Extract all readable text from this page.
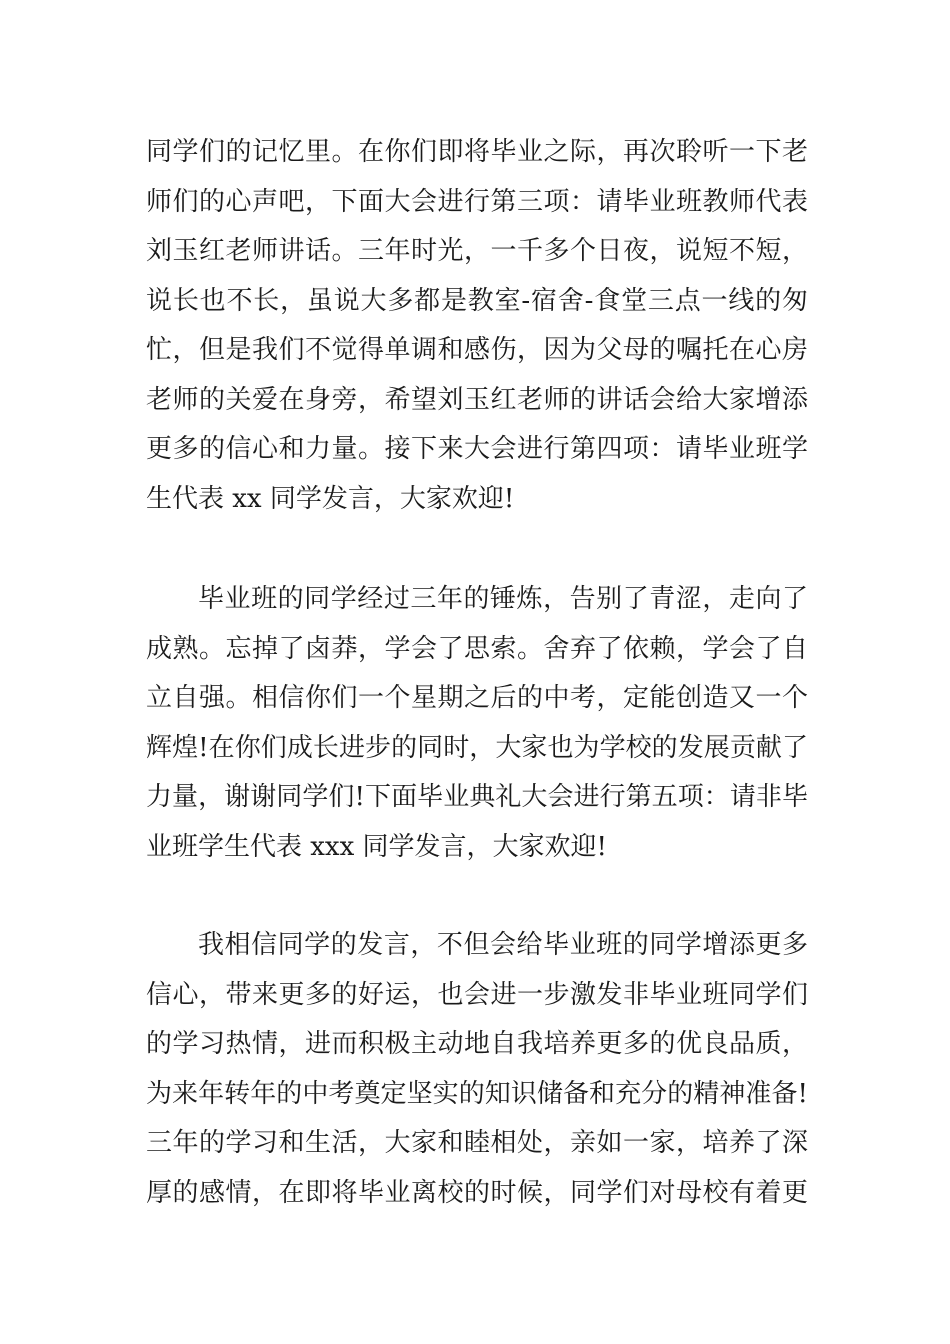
同学们的记忆里。在你们即将毕业之际，再次聆听一下老
师们的心声吧，下面大会进行第三项：请毕业班教师代表
刘玉红老师讲话。三年时光，一千多个日夜，说短不短，
说长也不长，虽说大多都是教室-宿舍-食堂三点一线的匆
忙，但是我们不觉得单调和感伤，因为父母的嘱托在心房
老师的关爱在身旁，希望刘玉红老师的讲话会给大家增添
更多的信心和力量。接下来大会进行第四项：请毕业班学
生代表 xx 同学发言，大家欢迎!
毕业班的同学经过三年的锤炼，告别了青涩，走向了
成熟。忘掉了卤莽，学会了思索。舍弃了依赖，学会了自
立自强。相信你们一个星期之后的中考，定能创造又一个
辉煌!在你们成长进步的同时，大家也为学校的发展贡献了
力量，谢谢同学们!下面毕业典礼大会进行第五项：请非毕
业班学生代表 xxx 同学发言，大家欢迎!
我相信同学的发言，不但会给毕业班的同学增添更多
信心，带来更多的好运，也会进一步激发非毕业班同学们
的学习热情，进而积极主动地自我培养更多的优良品质，
为来年转年的中考奠定坚实的知识储备和充分的精神准备!
三年的学习和生活，大家和睦相处，亲如一家，培养了深
厚的感情，在即将毕业离校的时候，同学们对母校有着更
